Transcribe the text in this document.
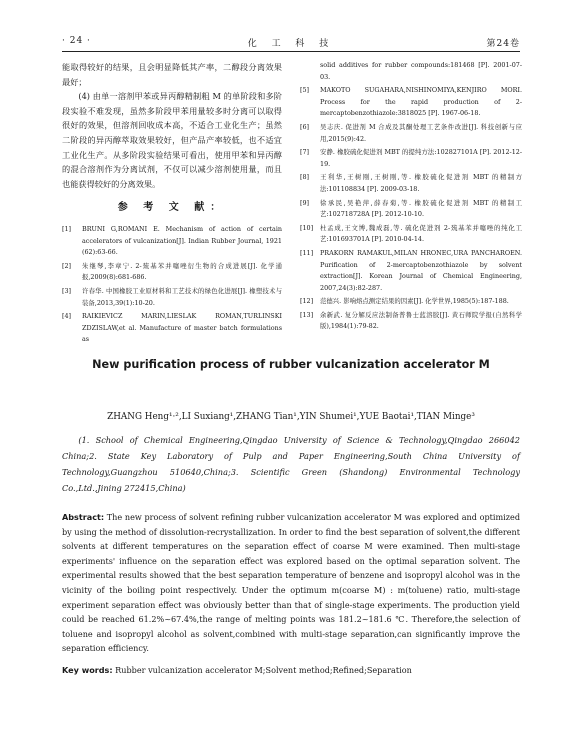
· 24 ·	化 工 科 技	第24卷

能取得较好的结果，且会明显降低其产率，二醇段分离效果最好；

(4) 由单一溶剂甲苯或异丙醇精制粗 M 的单阶段和多阶段实验不难发现，虽然多阶段甲苯用量较多时分离可以取得很好的效果，但溶剂回收成本高，不适合工业化生产；虽然二阶段的异丙醇萃取效果较好，但产品产率较低，也不适宜工业化生产。从多阶段实验结果可看出，使用甲苯和异丙醇的混合溶剂作为分离试剂，不仅可以减少溶剂使用量，而且也能获得较好的分离效果。

参 考 文 献：
[1]	BRUNI G,ROMANI E. Mechanism of action of certain accelerators of vulcanization[J]. Indian Rubber Journal, 1921 (62):63-66.
[2]	朱继琴,李章宁. 2-巯基苯并噻唑衍生物的合成进展[J]. 化学通报,2009(8):681-686.
[3]	许春华. 中国橡胶工业原材料和工艺技术的绿色化进展[J]. 橡塑技术与装备,2013,39(1):10-20.
[4]	RAIKIEVICZ MARIN,LIESLAK ROMAN,TURLINSKI ZDZISLAW,et al. Manufacture of master batch formulations as
solid additives for rubber compounds:181468 [P]. 2001-07-03.
[5]	MAKOTO SUGAHARA,NISHINOMIYA,KENJIRO MORI. Process for the rapid production of 2-mercaptobenzothiazole:3818025 [P]. 1967-06-18.
[6]	吴志庆. 促进剂 M 合成及其酮处理工艺条件改进[J]. 科技创新与应用,2015(9):42.
[7]	安静. 橡胶硫化促进剂 MBT 的提纯方法:102827101A [P]. 2012-12-19.
[8]	王利华,王树刚,王树刚,等. 橡胶硫化促进剂 MBT 的精制方法:101108834 [P]. 2009-03-18.
[9]	徐承民,吴艳萍,薛春菊,等. 橡胶硫化促进剂 MBT 的精制工艺:102718728A [P]. 2012-10-10.
[10]	杜孟成,王文博,魏成磊,等. 硫化促进剂 2-巯基苯并噻唑的纯化工艺:101693701A [P]. 2010-04-14.
[11]	PRAKORN RAMAKUL,MILAN HRONEC,URA PANCHAROEN. Purification of 2-mercaptobenzothiazole by solvent extraction[J]. Korean Journal of Chemical Engineering, 2007,24(3):82-287.
[12]	范德兴. 影响熔点测定结果的因素[J]. 化学世界,1985(5):187-188.
[13]	余新武. 复分解反应法制备普鲁士蓝溶胶[J]. 黄石师院学报(自然科学版),1984(1):79-82.
New purification process of rubber vulcanization accelerator M
ZHANG Heng¹·²,LI Suxiang¹,ZHANG Tian¹,YIN Shumei¹,YUE Baotai¹,TIAN Minge³
(1. School of Chemical Engineering,Qingdao University of Science & Technology,Qingdao 266042 China;2. State Key Laboratory of Pulp and Paper Engineering,South China University of Technology,Guangzhou 510640,China;3. Scientific Green (Shandong) Environmental Technology Co.,Ltd.,Jining 272415,China)
Abstract: The new process of solvent refining rubber vulcanization accelerator M was explored and optimized by using the method of dissolution-recrystallization. In order to find the best separation of solvent,the different solvents at different temperatures on the separation effect of coarse M were examined. Then multi-stage experiments' influence on the separation effect was explored based on the optimal separation solvent. The experimental results showed that the best separation temperature of benzene and isopropyl alcohol was in the vicinity of the boiling point respectively. Under the optimum m(coarse M) : m(toluene) ratio, multi-stage experiment separation effect was obviously better than that of single-stage experiments. The production yield could be reached 61.2%~67.4%,the range of melting points was 181.2~181.6 ℃. Therefore,the selection of toluene and isopropyl alcohol as solvent,combined with multi-stage separation,can significantly improve the separation efficiency.
Key words: Rubber vulcanization accelerator M;Solvent method;Refined;Separation
